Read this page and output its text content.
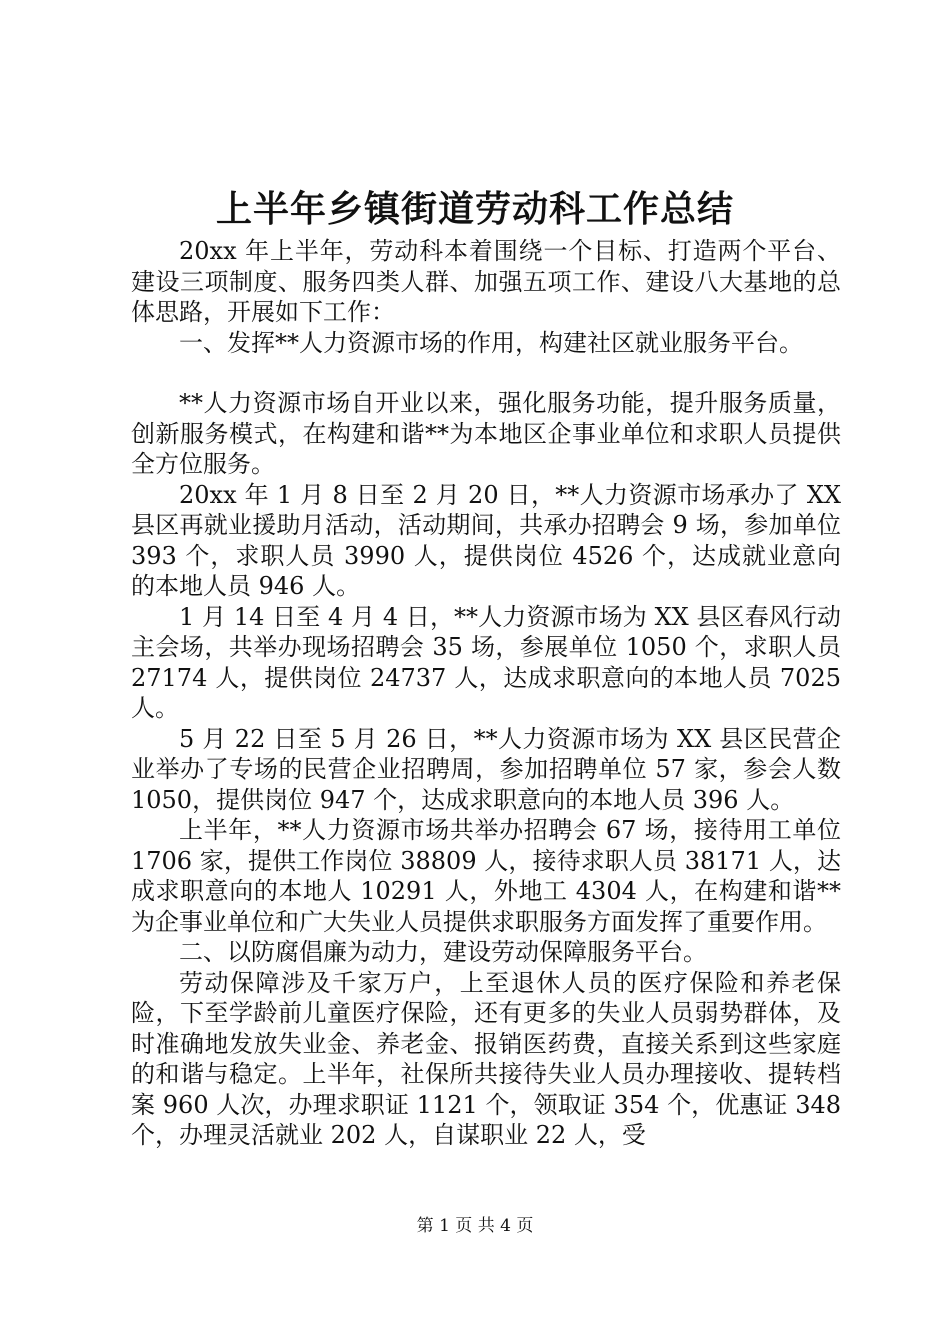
上半年乡镇街道劳动科工作总结

20xx 年上半年，劳动科本着围绕一个目标、打造两个平台、建设三项制度、服务四类人群、加强五项工作、建设八大基地的总体思路，开展如下工作：

一、发挥**人力资源市场的作用，构建社区就业服务平台。

**人力资源市场自开业以来，强化服务功能，提升服务质量，创新服务模式，在构建和谐**为本地区企事业单位和求职人员提供全方位服务。

20xx 年 1 月 8 日至 2 月 20 日，**人力资源市场承办了 XX 县区再就业援助月活动，活动期间，共承办招聘会 9 场，参加单位 393 个，求职人员 3990 人，提供岗位 4526 个，达成就业意向的本地人员 946 人。

1 月 14 日至 4 月 4 日，**人力资源市场为 XX 县区春风行动主会场，共举办现场招聘会 35 场，参展单位 1050 个，求职人员 27174 人，提供岗位 24737 人，达成求职意向的本地人员 7025 人。

5 月 22 日至 5 月 26 日，**人力资源市场为 XX 县区民营企业举办了专场的民营企业招聘周，参加招聘单位 57 家，参会人数 1050，提供岗位 947 个，达成求职意向的本地人员 396 人。

上半年，**人力资源市场共举办招聘会 67 场，接待用工单位 1706 家，提供工作岗位 38809 人，接待求职人员 38171 人，达成求职意向的本地人 10291 人，外地工 4304 人，在构建和谐**为企事业单位和广大失业人员提供求职服务方面发挥了重要作用。

二、以防腐倡廉为动力，建设劳动保障服务平台。

劳动保障涉及千家万户，上至退休人员的医疗保险和养老保险，下至学龄前儿童医疗保险，还有更多的失业人员弱势群体，及时准确地发放失业金、养老金、报销医药费，直接关系到这些家庭的和谐与稳定。上半年，社保所共接待失业人员办理接收、提转档案 960 人次，办理求职证 1121 个，领取证 354 个，优惠证 348 个，办理灵活就业 202 人，自谋职业 22 人，受

第 1 页 共 4 页
